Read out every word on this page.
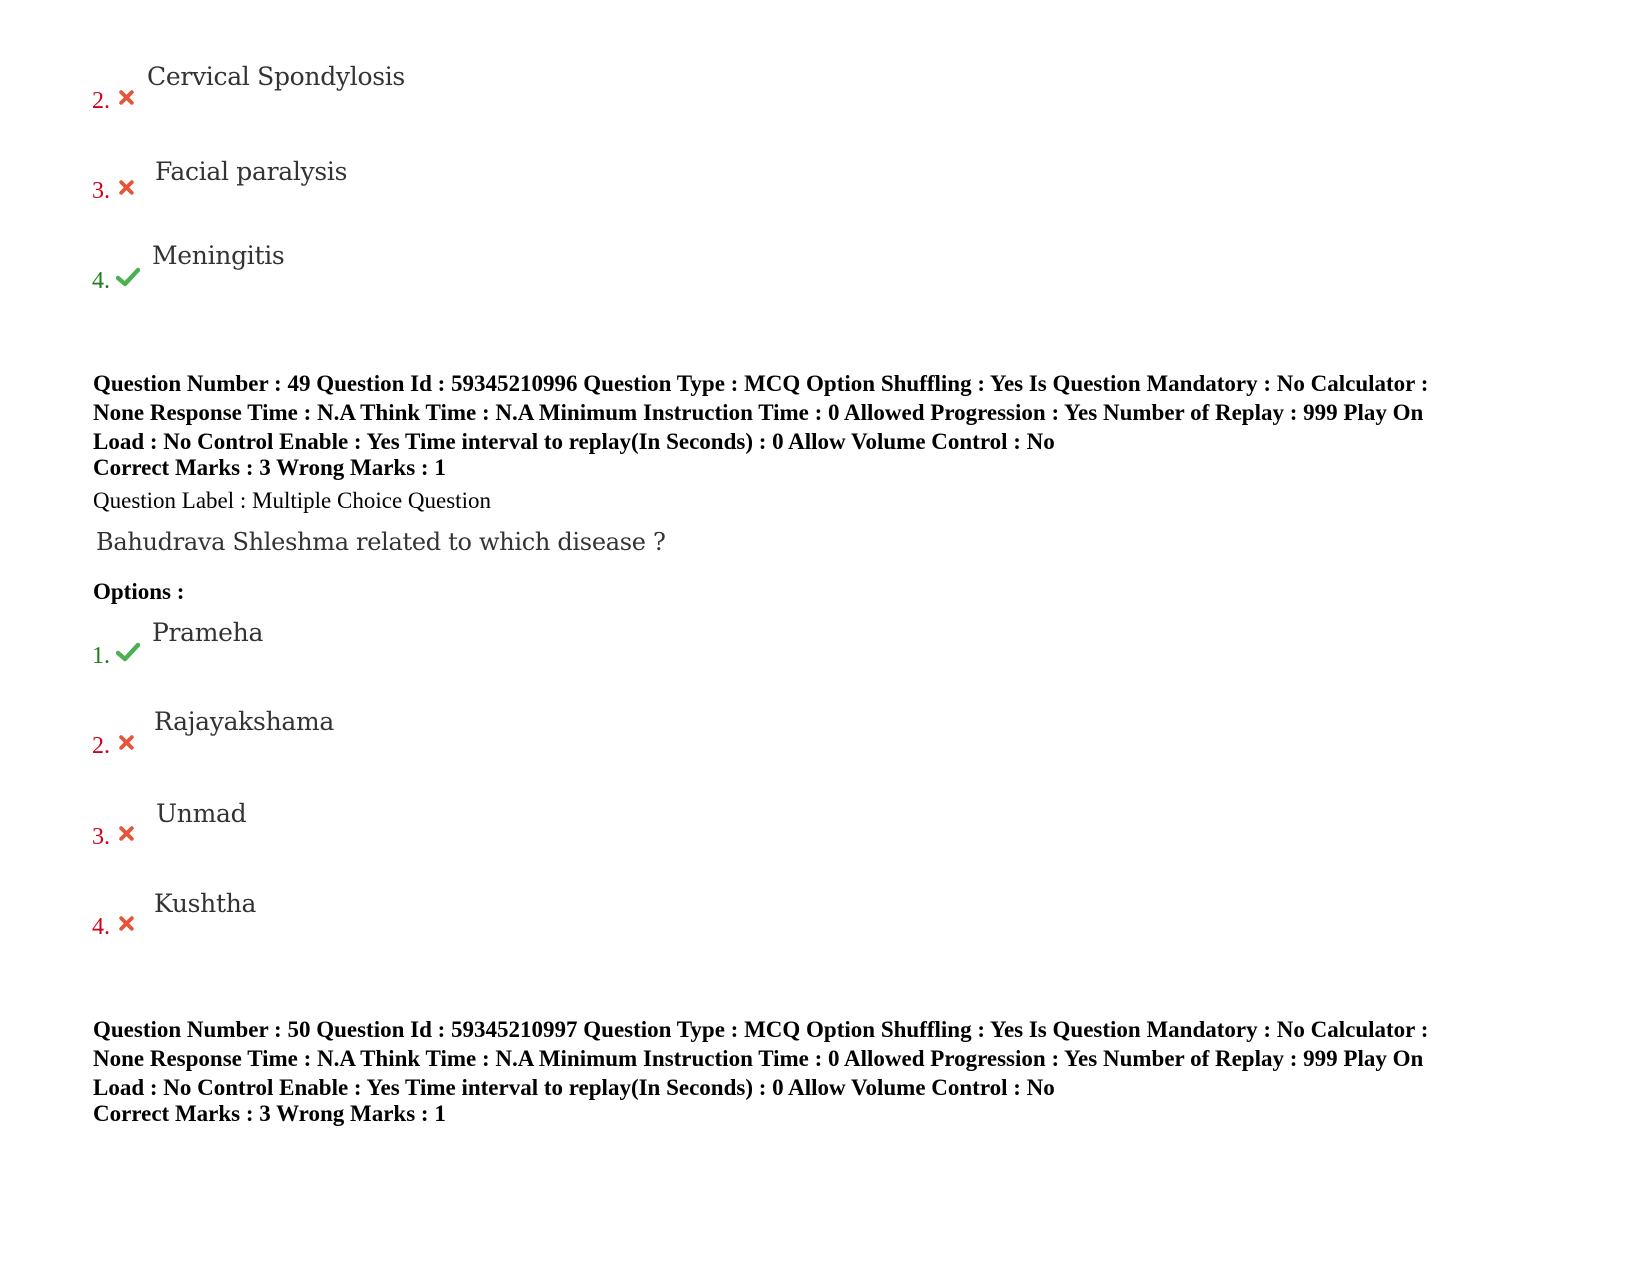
2.
Cervical Spondylosis
3.
Facial paralysis
4.
Meningitis
Question Number : 49 Question Id : 59345210996 Question Type : MCQ Option Shuffling : Yes Is Question Mandatory : No Calculator :
None Response Time : N.A Think Time : N.A Minimum Instruction Time : 0 Allowed Progression : Yes Number of Replay : 999 Play On
Load : No Control Enable : Yes Time interval to replay(In Seconds) : 0 Allow Volume Control : No
Correct Marks : 3 Wrong Marks : 1
Question Label : Multiple Choice Question
Bahudrava Shleshma related to which disease ?
Options :
1.
Prameha
2.
Rajayakshama
3.
Unmad
4.
Kushtha
Question Number : 50 Question Id : 59345210997 Question Type : MCQ Option Shuffling : Yes Is Question Mandatory : No Calculator :
None Response Time : N.A Think Time : N.A Minimum Instruction Time : 0 Allowed Progression : Yes Number of Replay : 999 Play On
Load : No Control Enable : Yes Time interval to replay(In Seconds) : 0 Allow Volume Control : No
Correct Marks : 3 Wrong Marks : 1
